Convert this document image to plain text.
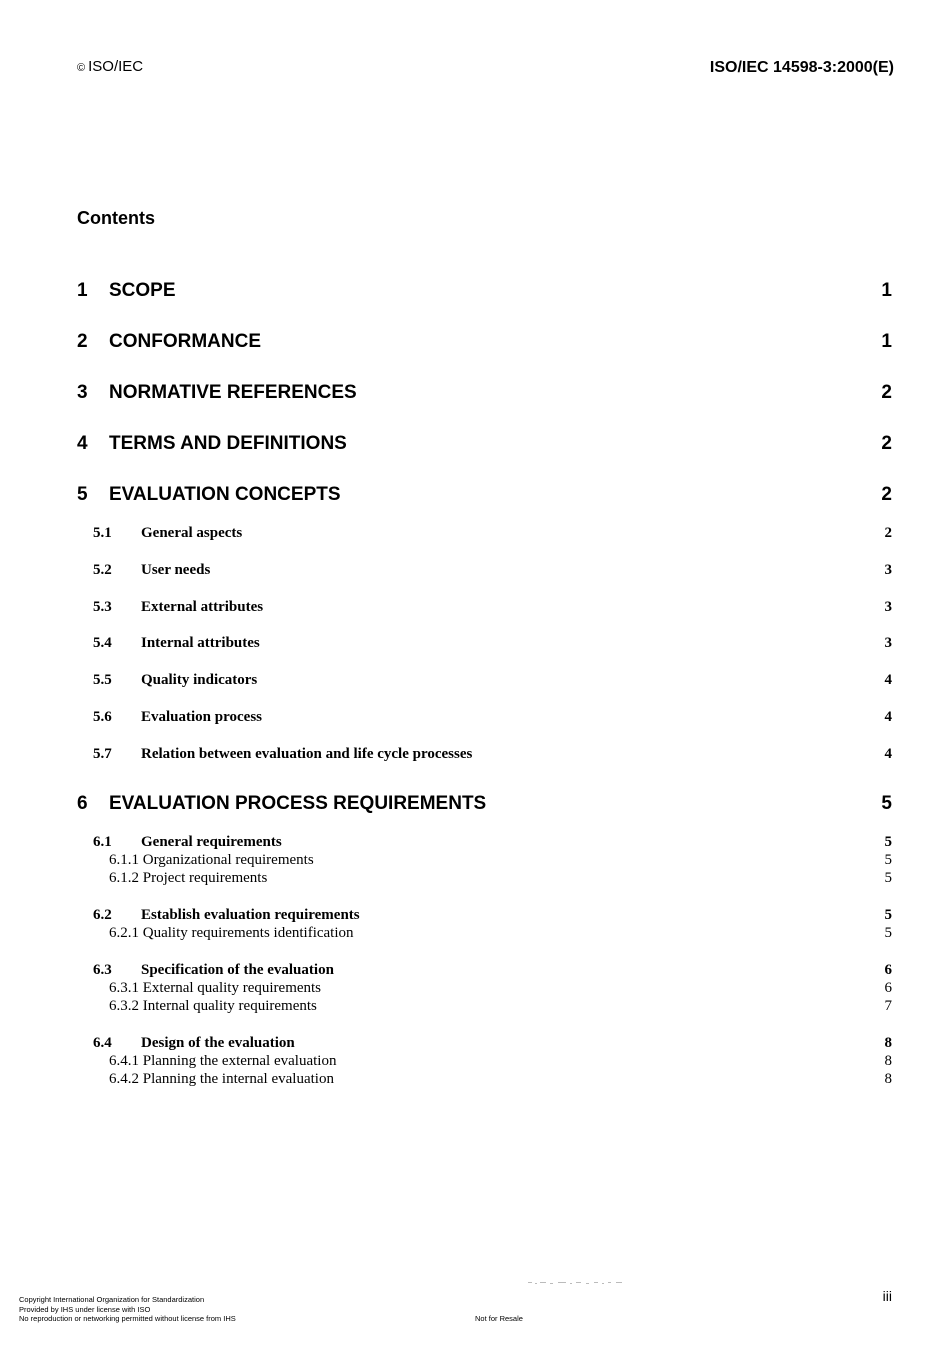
© ISO/IEC	ISO/IEC 14598-3:2000(E)
Contents
1 SCOPE	1
2 CONFORMANCE	1
3 NORMATIVE REFERENCES	2
4 TERMS AND DEFINITIONS	2
5 EVALUATION CONCEPTS	2
5.1 General aspects	2
5.2 User needs	3
5.3 External attributes	3
5.4 Internal attributes	3
5.5 Quality indicators	4
5.6 Evaluation process	4
5.7 Relation between evaluation and life cycle processes	4
6 EVALUATION PROCESS REQUIREMENTS	5
6.1 General requirements	5
6.1.1 Organizational requirements	5
6.1.2 Project requirements	5
6.2 Establish evaluation requirements	5
6.2.1 Quality requirements identification	5
6.3 Specification of the evaluation	6
6.3.1 External quality requirements	6
6.3.2 Internal quality requirements	7
6.4 Design of the evaluation	8
6.4.1 Planning the external evaluation	8
6.4.2 Planning the internal evaluation	8
Copyright International Organization for Standardization
Provided by IHS under license with ISO
No reproduction or networking permitted without license from IHS	Not for Resale
iii
